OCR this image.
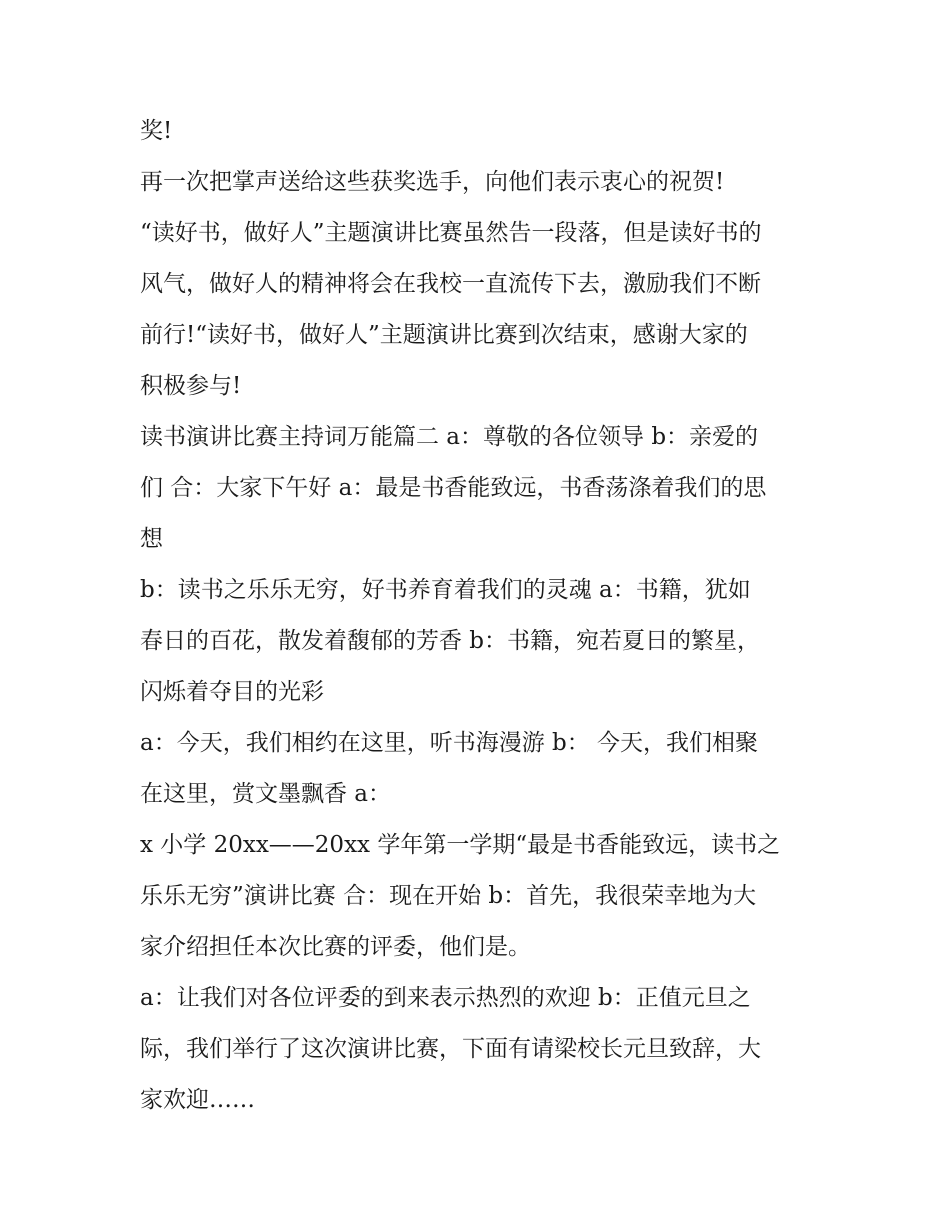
奖!
再一次把掌声送给这些获奖选手，向他们表示衷心的祝贺!
“读好书，做好人”主题演讲比赛虽然告一段落，但是读好书的
风气，做好人的精神将会在我校一直流传下去，激励我们不断
前行!“读好书，做好人”主题演讲比赛到次结束，感谢大家的
积极参与!
读书演讲比赛主持词万能篇二 a：尊敬的各位领导 b：亲爱的
们 合：大家下午好 a：最是书香能致远，书香荡涤着我们的思
想
b：读书之乐乐无穷，好书养育着我们的灵魂 a：书籍，犹如
春日的百花，散发着馥郁的芳香 b：书籍，宛若夏日的繁星，
闪烁着夺目的光彩
a：今天，我们相约在这里，听书海漫游 b： 今天，我们相聚
在这里，赏文墨飘香 a：
x 小学 20xx——20xx 学年第一学期“最是书香能致远，读书之
乐乐无穷”演讲比赛 合：现在开始 b：首先，我很荣幸地为大
家介绍担任本次比赛的评委，他们是。
a：让我们对各位评委的到来表示热烈的欢迎 b：正值元旦之
际，我们举行了这次演讲比赛，下面有请梁校长元旦致辞，大
家欢迎……
